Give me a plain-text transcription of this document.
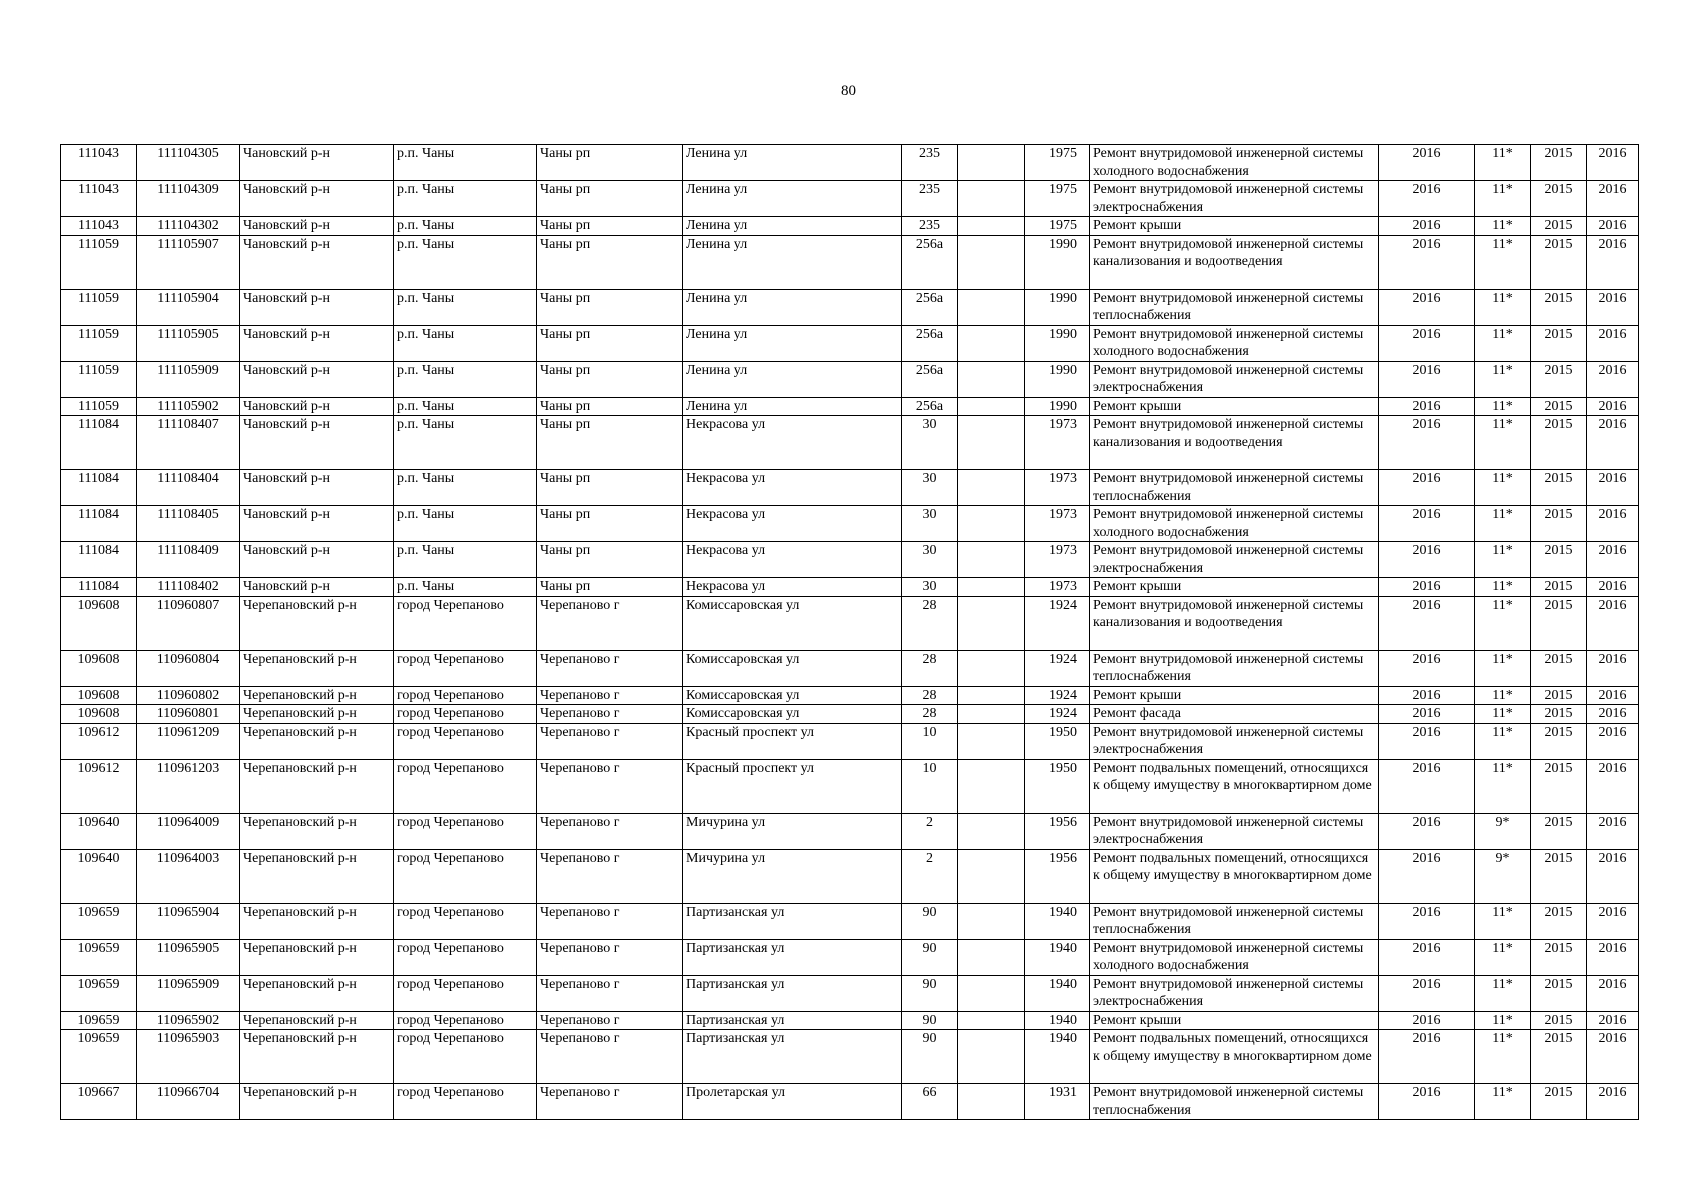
80
111043	111104305	Чановский р-н	р.п. Чаны	Чаны рп	Ленина ул	235		1975	Ремонт внутридомовой инженерной системы холодного водоснабжения	2016	11*	2015	2016
111043	111104309	Чановский р-н	р.п. Чаны	Чаны рп	Ленина ул	235		1975	Ремонт внутридомовой инженерной системы электроснабжения	2016	11*	2015	2016
111043	111104302	Чановский р-н	р.п. Чаны	Чаны рп	Ленина ул	235		1975	Ремонт крыши	2016	11*	2015	2016
111059	111105907	Чановский р-н	р.п. Чаны	Чаны рп	Ленина ул	256а		1990	Ремонт внутридомовой инженерной системы канализования и водоотведения	2016	11*	2015	2016
111059	111105904	Чановский р-н	р.п. Чаны	Чаны рп	Ленина ул	256а		1990	Ремонт внутридомовой инженерной системы теплоснабжения	2016	11*	2015	2016
111059	111105905	Чановский р-н	р.п. Чаны	Чаны рп	Ленина ул	256а		1990	Ремонт внутридомовой инженерной системы холодного водоснабжения	2016	11*	2015	2016
111059	111105909	Чановский р-н	р.п. Чаны	Чаны рп	Ленина ул	256а		1990	Ремонт внутридомовой инженерной системы электроснабжения	2016	11*	2015	2016
111059	111105902	Чановский р-н	р.п. Чаны	Чаны рп	Ленина ул	256а		1990	Ремонт крыши	2016	11*	2015	2016
111084	111108407	Чановский р-н	р.п. Чаны	Чаны рп	Некрасова ул	30		1973	Ремонт внутридомовой инженерной системы канализования и водоотведения	2016	11*	2015	2016
111084	111108404	Чановский р-н	р.п. Чаны	Чаны рп	Некрасова ул	30		1973	Ремонт внутридомовой инженерной системы теплоснабжения	2016	11*	2015	2016
111084	111108405	Чановский р-н	р.п. Чаны	Чаны рп	Некрасова ул	30		1973	Ремонт внутридомовой инженерной системы холодного водоснабжения	2016	11*	2015	2016
111084	111108409	Чановский р-н	р.п. Чаны	Чаны рп	Некрасова ул	30		1973	Ремонт внутридомовой инженерной системы электроснабжения	2016	11*	2015	2016
111084	111108402	Чановский р-н	р.п. Чаны	Чаны рп	Некрасова ул	30		1973	Ремонт крыши	2016	11*	2015	2016
109608	110960807	Черепановский р-н	город Черепаново	Черепаново г	Комиссаровская ул	28		1924	Ремонт внутридомовой инженерной системы канализования и водоотведения	2016	11*	2015	2016
109608	110960804	Черепановский р-н	город Черепаново	Черепаново г	Комиссаровская ул	28		1924	Ремонт внутридомовой инженерной системы теплоснабжения	2016	11*	2015	2016
109608	110960802	Черепановский р-н	город Черепаново	Черепаново г	Комиссаровская ул	28		1924	Ремонт крыши	2016	11*	2015	2016
109608	110960801	Черепановский р-н	город Черепаново	Черепаново г	Комиссаровская ул	28		1924	Ремонт фасада	2016	11*	2015	2016
109612	110961209	Черепановский р-н	город Черепаново	Черепаново г	Красный проспект ул	10		1950	Ремонт внутридомовой инженерной системы электроснабжения	2016	11*	2015	2016
109612	110961203	Черепановский р-н	город Черепаново	Черепаново г	Красный проспект ул	10		1950	Ремонт подвальных помещений, относящихся к общему имуществу в многоквартирном доме	2016	11*	2015	2016
109640	110964009	Черепановский р-н	город Черепаново	Черепаново г	Мичурина ул	2		1956	Ремонт внутридомовой инженерной системы электроснабжения	2016	9*	2015	2016
109640	110964003	Черепановский р-н	город Черепаново	Черепаново г	Мичурина ул	2		1956	Ремонт подвальных помещений, относящихся к общему имуществу в многоквартирном доме	2016	9*	2015	2016
109659	110965904	Черепановский р-н	город Черепаново	Черепаново г	Партизанская ул	90		1940	Ремонт внутридомовой инженерной системы теплоснабжения	2016	11*	2015	2016
109659	110965905	Черепановский р-н	город Черепаново	Черепаново г	Партизанская ул	90		1940	Ремонт внутридомовой инженерной системы холодного водоснабжения	2016	11*	2015	2016
109659	110965909	Черепановский р-н	город Черепаново	Черепаново г	Партизанская ул	90		1940	Ремонт внутридомовой инженерной системы электроснабжения	2016	11*	2015	2016
109659	110965902	Черепановский р-н	город Черепаново	Черепаново г	Партизанская ул	90		1940	Ремонт крыши	2016	11*	2015	2016
109659	110965903	Черепановский р-н	город Черепаново	Черепаново г	Партизанская ул	90		1940	Ремонт подвальных помещений, относящихся к общему имуществу в многоквартирном доме	2016	11*	2015	2016
109667	110966704	Черепановский р-н	город Черепаново	Черепаново г	Пролетарская ул	66		1931	Ремонт внутридомовой инженерной системы теплоснабжения	2016	11*	2015	2016
